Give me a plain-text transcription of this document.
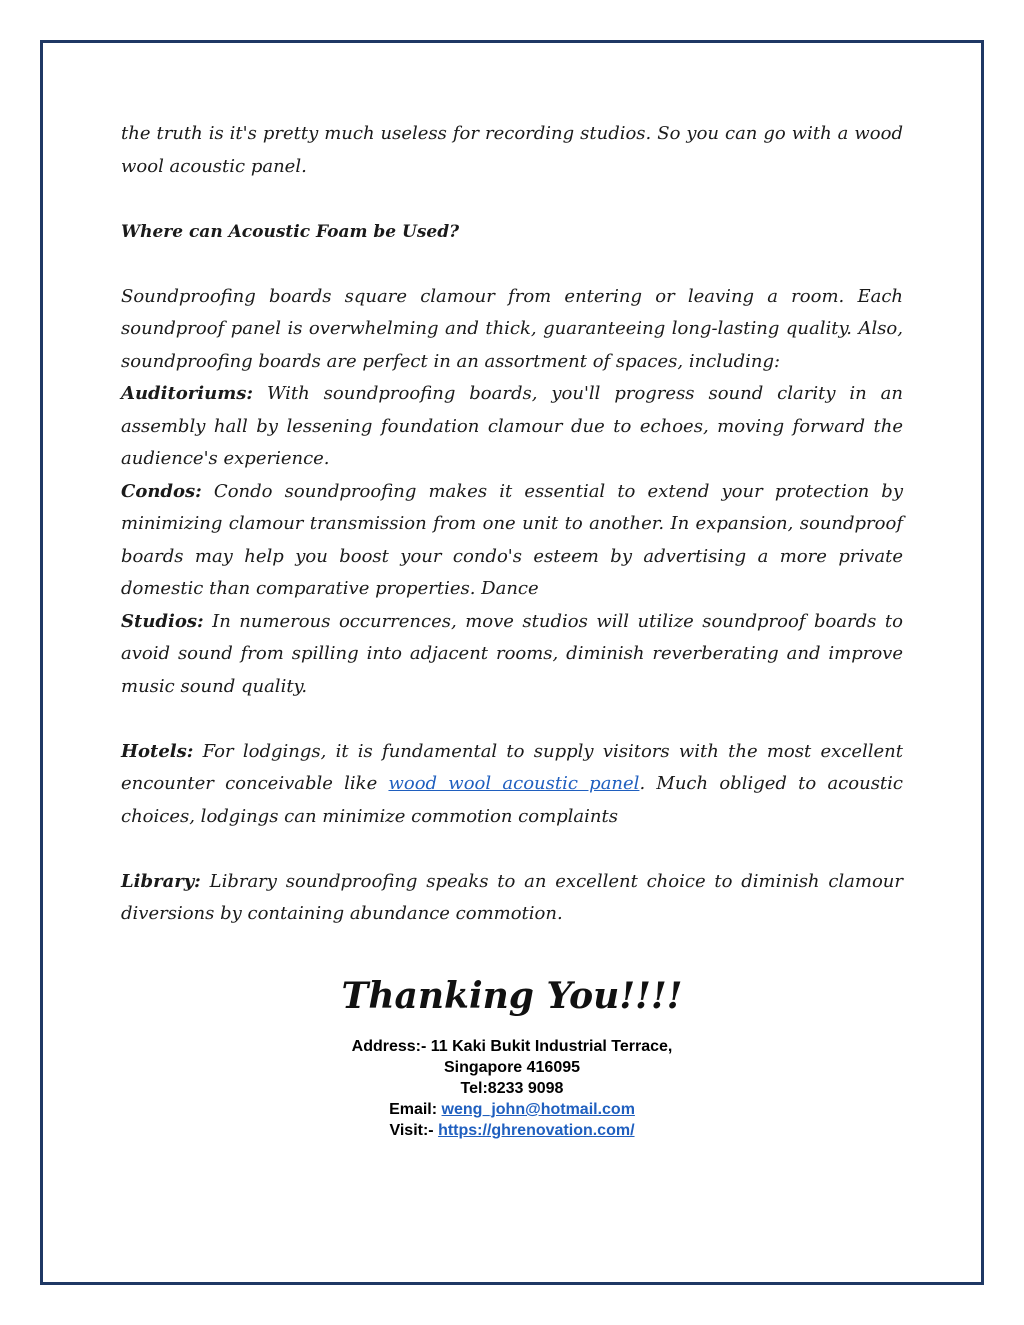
the truth is it's pretty much useless for recording studios. So you can go with a wood wool acoustic panel.

Where can Acoustic Foam be Used?

Soundproofing boards square clamour from entering or leaving a room. Each soundproof panel is overwhelming and thick, guaranteeing long-lasting quality. Also, soundproofing boards are perfect in an assortment of spaces, including:

Auditoriums: With soundproofing boards, you'll progress sound clarity in an assembly hall by lessening foundation clamour due to echoes, moving forward the audience's experience.

Condos: Condo soundproofing makes it essential to extend your protection by minimizing clamour transmission from one unit to another. In expansion, soundproof boards may help you boost your condo's esteem by advertising a more private domestic than comparative properties. Dance

Studios: In numerous occurrences, move studios will utilize soundproof boards to avoid sound from spilling into adjacent rooms, diminish reverberating and improve music sound quality.

Hotels: For lodgings, it is fundamental to supply visitors with the most excellent encounter conceivable like wood wool acoustic panel. Much obliged to acoustic choices, lodgings can minimize commotion complaints

Library: Library soundproofing speaks to an excellent choice to diminish clamour diversions by containing abundance commotion.

Thanking You!!!!
Address:- 11 Kaki Bukit Industrial Terrace,
Singapore 416095
Tel:8233 9098
Email: weng_john@hotmail.com
Visit:- https://ghrenovation.com/
